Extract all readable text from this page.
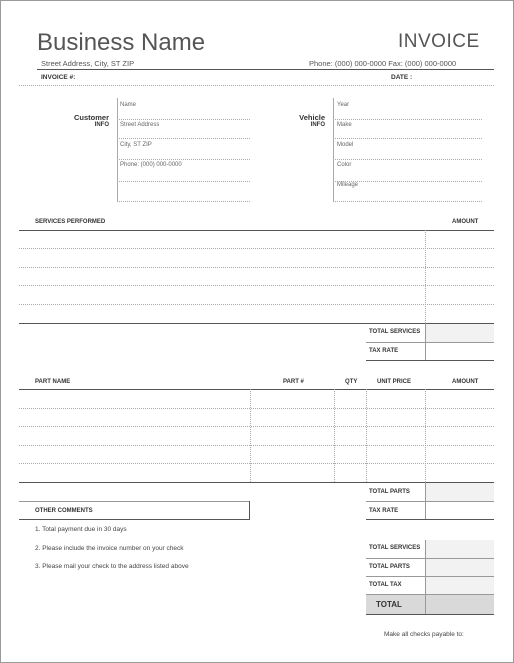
Business Name	INVOICE
Street Address, City, ST ZIP	Phone: (000) 000-0000 Fax: (000) 000-0000
INVOICE #:	DATE :
Customer
INFO
Name
Street Address
City, ST ZIP
Phone: (000) 000-0000
Vehicle
INFO
Year
Make
Model
Color
Mileage
SERVICES PERFORMED	AMOUNT
TOTAL SERVICES
TAX RATE
PART NAME	PART #	QTY	UNIT PRICE	AMOUNT
TOTAL PARTS
TAX RATE
OTHER COMMENTS
1. Total payment due in 30 days
2. Please include the invoice number on your check
3. Please mail your check to the address listed above
TOTAL SERVICES
TOTAL PARTS
TOTAL TAX
TOTAL
Make all checks payable to:
